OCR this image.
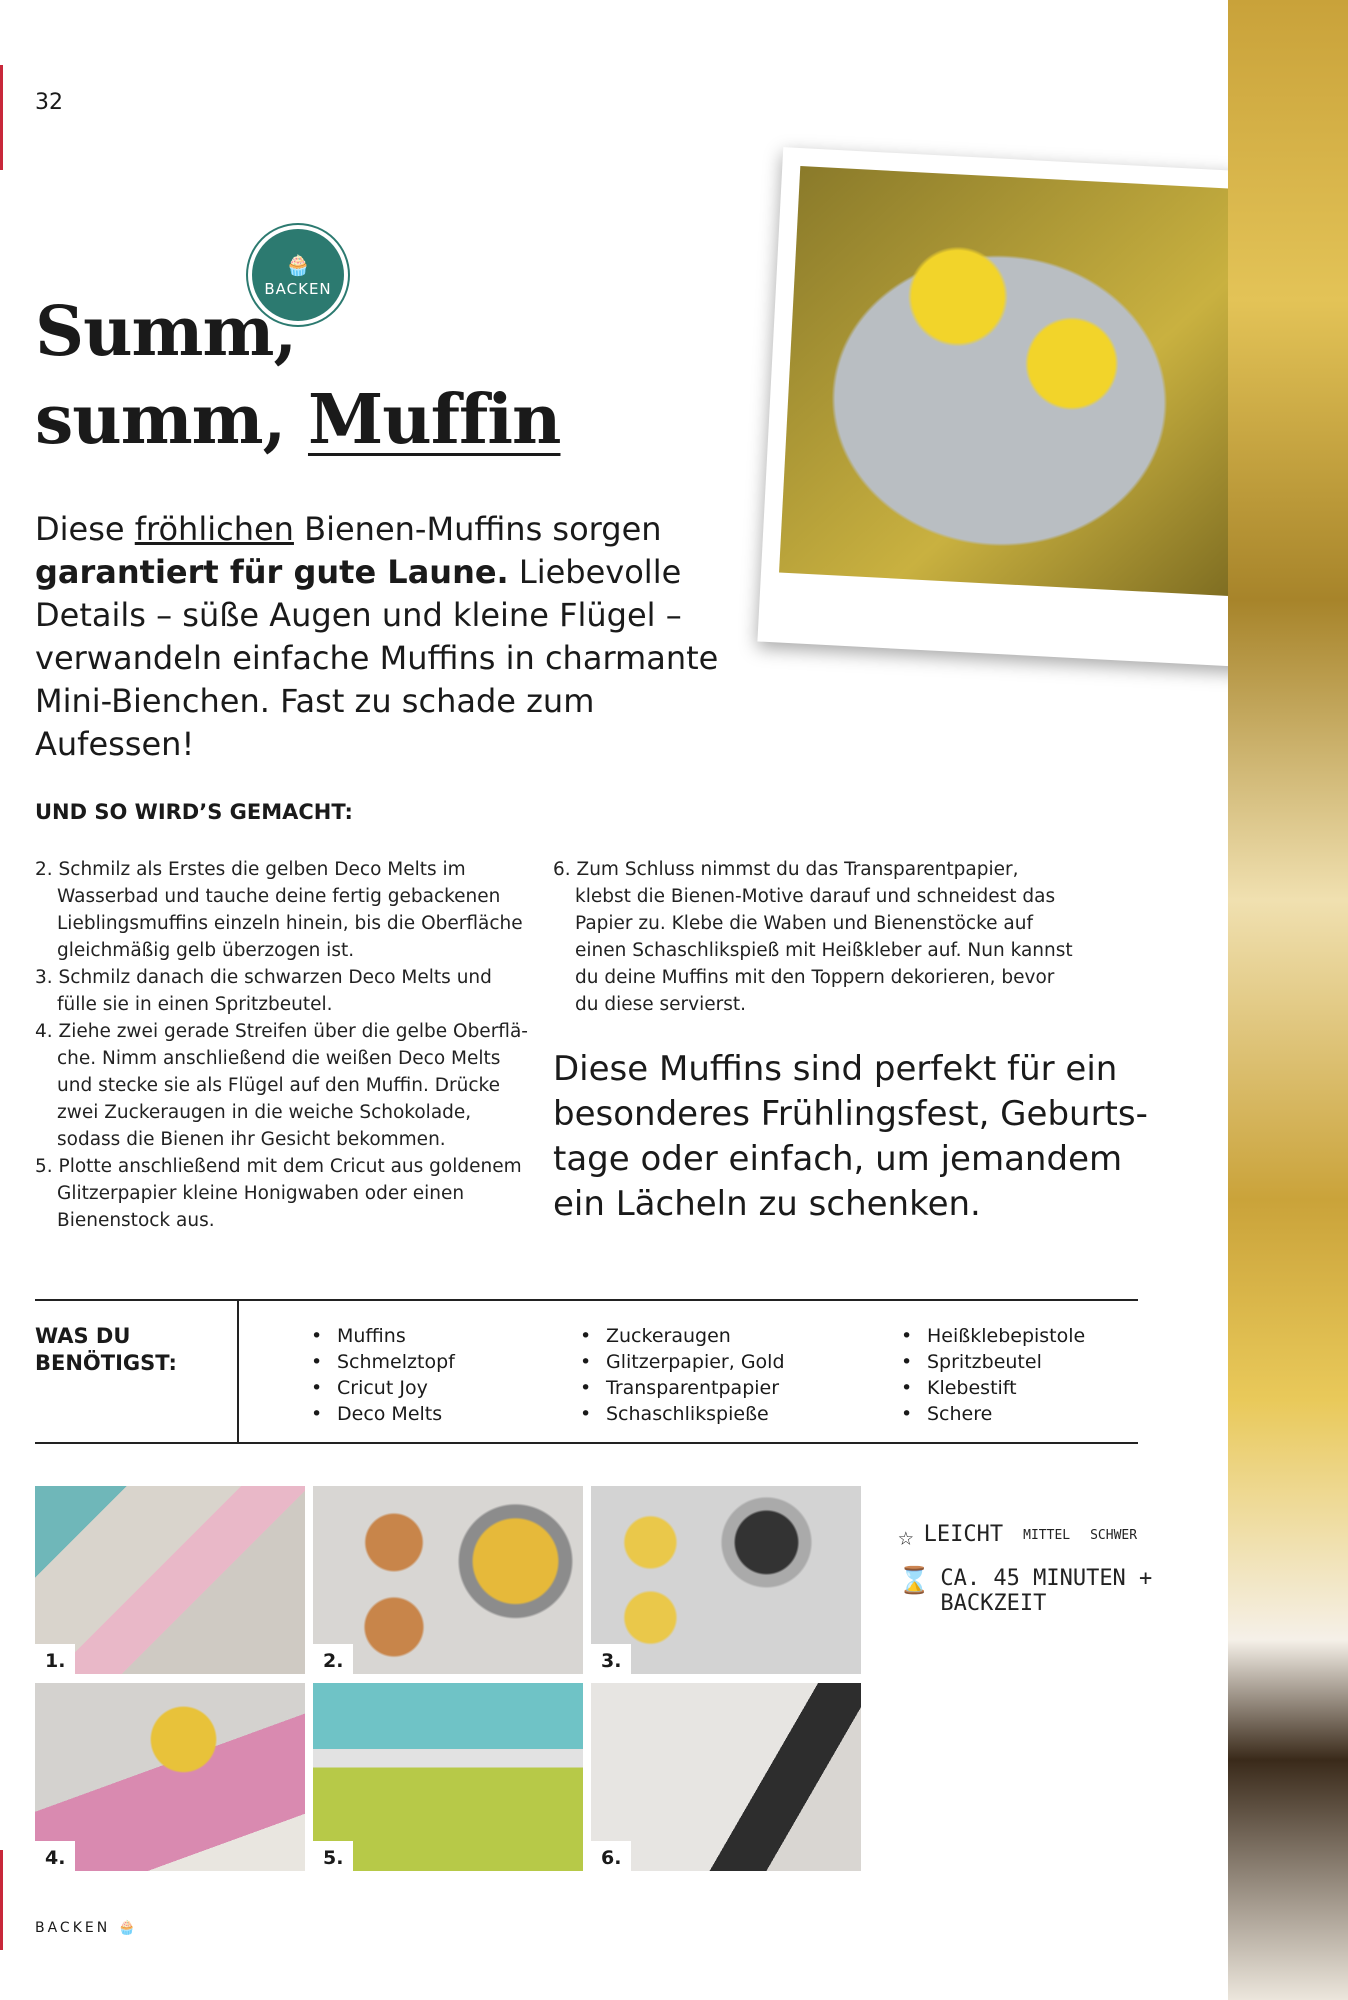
32
🧁
BACKEN
Summ,
summ, Muffin

Diese fröhlichen Bienen-Muffins sorgen garantiert für gute Laune. Liebevolle Details – süße Augen und kleine Flügel – verwandeln einfache Muffins in charmante Mini-Bienchen. Fast zu schade zum Aufessen!

UND SO WIRD’S GEMACHT:

2. Schmilz als Erstes die gelben Deco Melts im Wasserbad und tauche deine fertig gebackenen Lieblingsmuffins einzeln hinein, bis die Oberfläche gleichmäßig gelb überzogen ist.

3. Schmilz danach die schwarzen Deco Melts und fülle sie in einen Spritzbeutel.

4. Ziehe zwei gerade Streifen über die gelbe Oberflä-che. Nimm anschließend die weißen Deco Melts und stecke sie als Flügel auf den Muffin. Drücke zwei Zuckeraugen in die weiche Schokolade, sodass die Bienen ihr Gesicht bekommen.

5. Plotte anschließend mit dem Cricut aus goldenem Glitzerpapier kleine Honigwaben oder einen Bienenstock aus.

6. Zum Schluss nimmst du das Transparentpapier, klebst die Bienen-Motive darauf und schneidest das Papier zu. Klebe die Waben und Bienenstöcke auf einen Schaschlikspieß mit Heißkleber auf. Nun kannst du deine Muffins mit den Toppern dekorieren, bevor du diese servierst.

Diese Muffins sind perfekt für ein besonderes Frühlingsfest, Geburts-tage oder einfach, um jemandem ein Lächeln zu schenken.

WAS DU
BENÖTIGST:
• Muffins
• Schmelztopf
• Cricut Joy
• Deco Melts
• Zuckeraugen
• Glitzerpapier, Gold
• Transparentpapier
• Schaschlikspieße
• Heißklebepistole
• Spritzbeutel
• Klebestift
• Schere
1.	2.	3.
4.	5.	6.
☆ LEICHT MITTEL SCHWER
⌛ CA. 45 MINUTEN +
BACKZEIT
BACKEN 🧁
